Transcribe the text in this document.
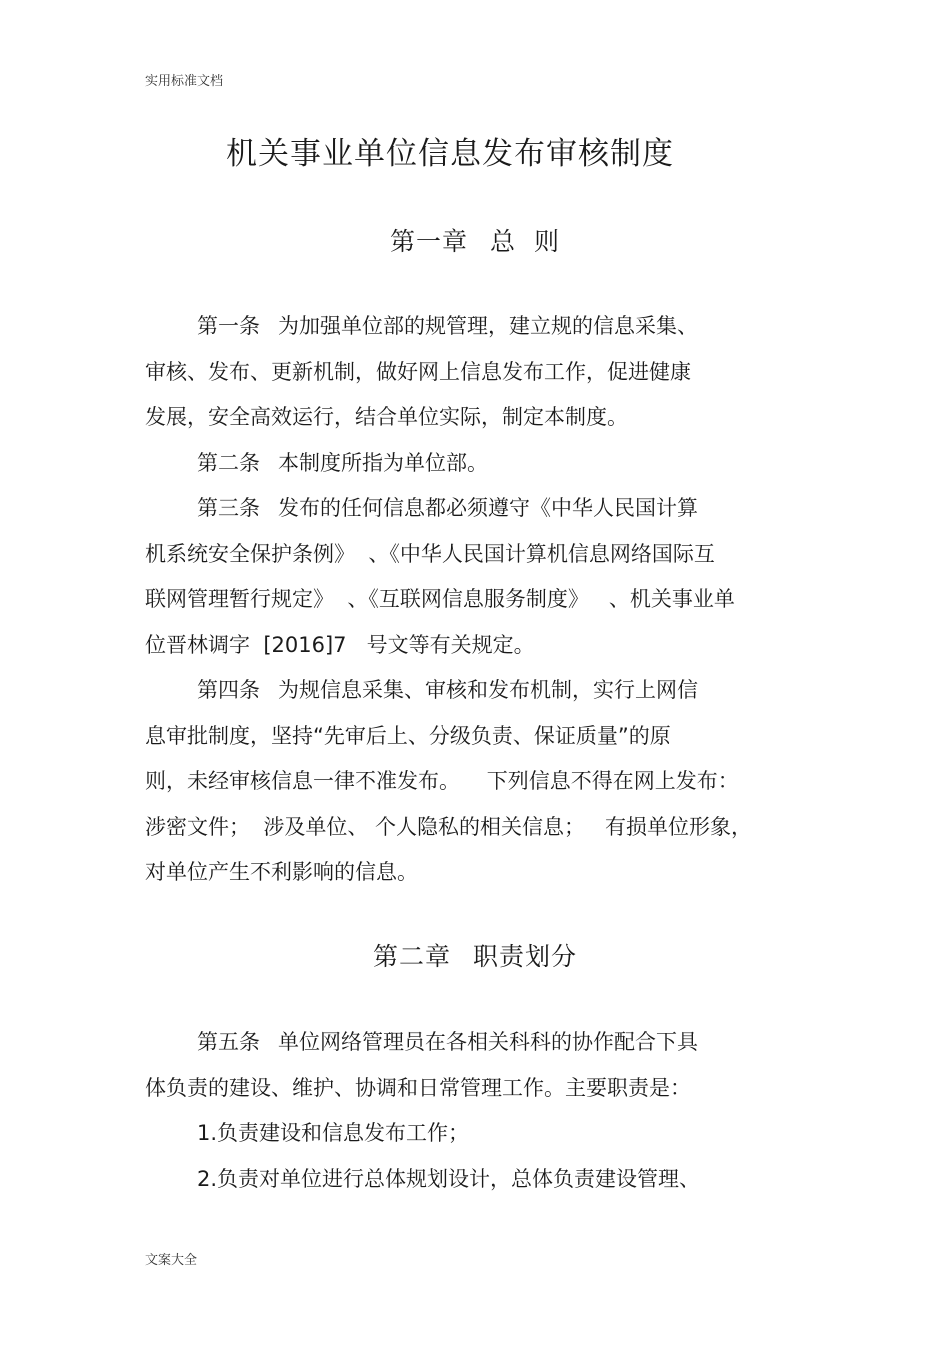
实用标准文档
机关事业单位信息发布审核制度
第一章 总  则
第一条 为加强单位部的规管理，建立规的信息采集、
审核、发布、更新机制，做好网上信息发布工作，促进健康
发展，安全高效运行，结合单位实际，制定本制度。
第二条 本制度所指为单位部。
第三条 发布的任何信息都必须遵守《中华人民国计算
机系统安全保护条例》  、《中华人民国计算机信息网络国际互
联网管理暂行规定》  、《互联网信息服务制度》   、机关事业单
位晋林调字  [2016]7   号文等有关规定。
第四条 为规信息采集、审核和发布机制，实行上网信
息审批制度，坚持“先审后上、分级负责、保证质量”的原
则，未经审核信息一律不准发布。    下列信息不得在网上发布：
涉密文件；  涉及单位、 个人隐私的相关信息；   有损单位形象，
对单位产生不利影响的信息。
第二章 职责划分
第五条 单位网络管理员在各相关科科的协作配合下具
体负责的建设、维护、协调和日常管理工作。主要职责是：
1.负责建设和信息发布工作；
2.负责对单位进行总体规划设计，总体负责建设管理、
文案大全
